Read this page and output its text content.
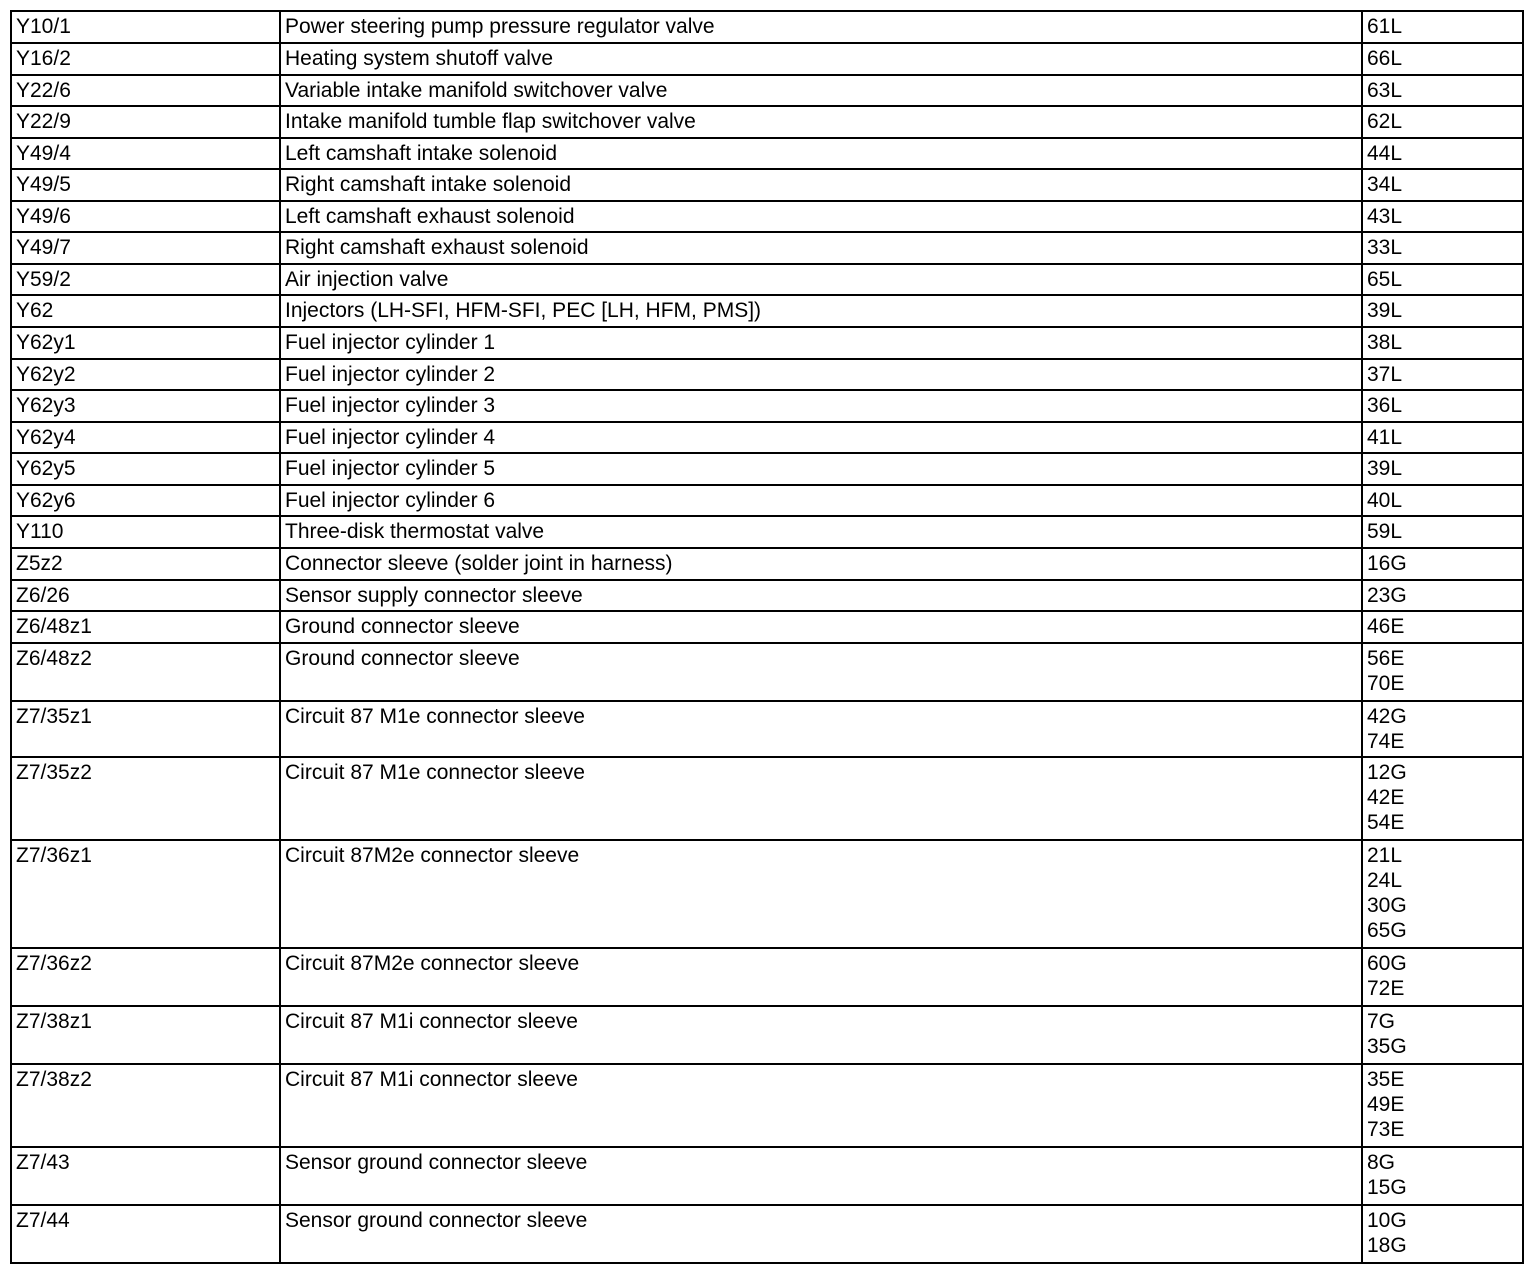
Y10/1	Power steering pump pressure regulator valve	61L

Y16/2	Heating system shutoff valve	66L

Y22/6	Variable intake manifold switchover valve	63L

Y22/9	Intake manifold tumble flap switchover valve	62L

Y49/4	Left camshaft intake solenoid	44L

Y49/5	Right camshaft intake solenoid	34L

Y49/6	Left camshaft exhaust solenoid	43L

Y49/7	Right camshaft exhaust solenoid	33L

Y59/2	Air injection valve	65L

Y62	Injectors (LH-SFI, HFM-SFI, PEC [LH, HFM, PMS])	39L

Y62y1	Fuel injector cylinder 1	38L

Y62y2	Fuel injector cylinder 2	37L

Y62y3	Fuel injector cylinder 3	36L

Y62y4	Fuel injector cylinder 4	41L

Y62y5	Fuel injector cylinder 5	39L

Y62y6	Fuel injector cylinder 6	40L

Y110	Three-disk thermostat valve	59L

Z5z2	Connector sleeve (solder joint in harness)	16G

Z6/26	Sensor supply connector sleeve	23G

Z6/48z1	Ground connector sleeve	46E

Z6/48z2	Ground connector sleeve	56E
70E

Z7/35z1	Circuit 87 M1e connector sleeve	42G
74E

Z7/35z2	Circuit 87 M1e connector sleeve	12G
42E
54E

Z7/36z1	Circuit 87M2e connector sleeve	21L
24L
30G
65G

Z7/36z2	Circuit 87M2e connector sleeve	60G
72E

Z7/38z1	Circuit 87 M1i connector sleeve	7G
35G

Z7/38z2	Circuit 87 M1i connector sleeve	35E
49E
73E

Z7/43	Sensor ground connector sleeve	8G
15G

Z7/44	Sensor ground connector sleeve	10G
18G
